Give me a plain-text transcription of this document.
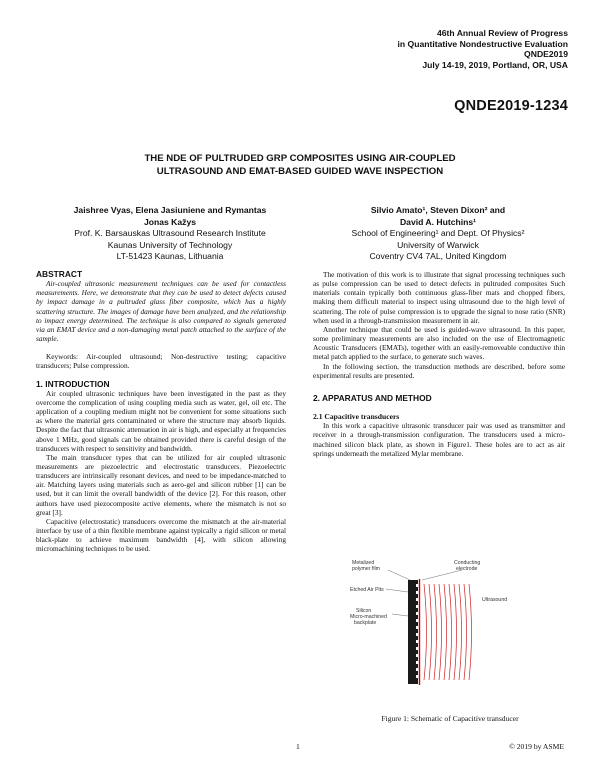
46th Annual Review of Progress
in Quantitative Nondestructive Evaluation
QNDE2019
July 14-19, 2019, Portland, OR, USA
QNDE2019-1234
THE NDE OF PULTRUDED GRP COMPOSITES USING AIR-COUPLED
ULTRASOUND AND EMAT-BASED GUIDED WAVE INSPECTION
Jaishree Vyas, Elena Jasiuniene and Rymantas
Jonas Kažys
Prof. K. Barsauskas Ultrasound Research Institute
Kaunas University of Technology
LT-51423 Kaunas, Lithuania
Silvio Amato¹, Steven Dixon² and
David A. Hutchins¹
School of Engineering¹ and Dept. Of Physics²
University of Warwick
Coventry CV4 7AL, United Kingdom
ABSTRACT

Air-coupled ultrasonic measurement techniques can be used for contactless measurements. Here, we demonstrate that they can be used to detect defects caused by impact damage in a pultruded glass fiber composite, which has a highly scattering structure. The images of damage have been analyzed, and the relationship to impact energy determined. The technique is also compared to signals generated via an EMAT device and a non-damaging metal patch attached to the surface of the sample.

Keywords: Air-coupled ultrasound; Non-destructive testing; capacitive transducers; Pulse compression.

1. INTRODUCTION

Air coupled ultrasonic techniques have been investigated in the past as they overcome the complication of using coupling media such as water, gel, oil etc. The application of a coupling medium might not be convenient for some situations such as where the material gets contaminated or where the structure may absorb liquids. Despite the fact that ultrasonic attenuation in air is high, and especially at frequencies above 1 MHz, good signals can be obtained provided there is careful design of the transducers with respect to sensitivity and bandwidth.

The main transducer types that can be utilized for air coupled ultrasonic measurements are piezoelectric and electrostatic transducers. Piezoelectric transducers are intrinsically resonant devices, and need to be impedance-matched to air. Matching layers using materials such as aero-gel and silicon rubber [1] can be used, but it can limit the overall bandwidth of the device [2]. For this reason, other authors have used piezocomposite active elements, where the mismatch is not so great [3].

Capacitive (electrostatic) transducers overcome the mismatch at the air-material interface by use of a thin flexible membrane against typically a rigid silicon or metal black-plate to achieve maximum bandwidth [4], with silicon allowing micromachining techniques to be used.

The motivation of this work is to illustrate that signal processing techniques such as pulse compression can be used to detect defects in pultruded composites Such materials contain typically both continuous glass-fiber mats and chopped fibers, making them difficult material to inspect using ultrasound due to the high level of scattering. The role of pulse compression is to upgrade the signal to nose ratio (SNR) when used in a through-transmission measurement in air.

Another technique that could be used is guided-wave ultrasound. In this paper, some preliminary measurements are also included on the use of Electromagnetic Acoustic Transducers (EMATs), together with an easily-removeable conductive thin metal patch applied to the surface, to generate such waves.

In the following section, the transduction methods are described, before some experimental results are presented.

2. APPARATUS AND METHOD
2.1 Capacitive transducers

In this work a capacitive ultrasonic transducer pair was used as transmitter and receiver in a through-transmission configuration. The transducers used a micro-machined silicon black plate, as shown in Figure1. These holes are to act as air springs underneath the metalized Mylar membrane.

Metalized polymer film
Conducting electrode
Etched Air Pits
Silicon Micro-machined backplate
Ultrasound
Figure 1: Schematic of Capacitive transducer
1	© 2019 by ASME
